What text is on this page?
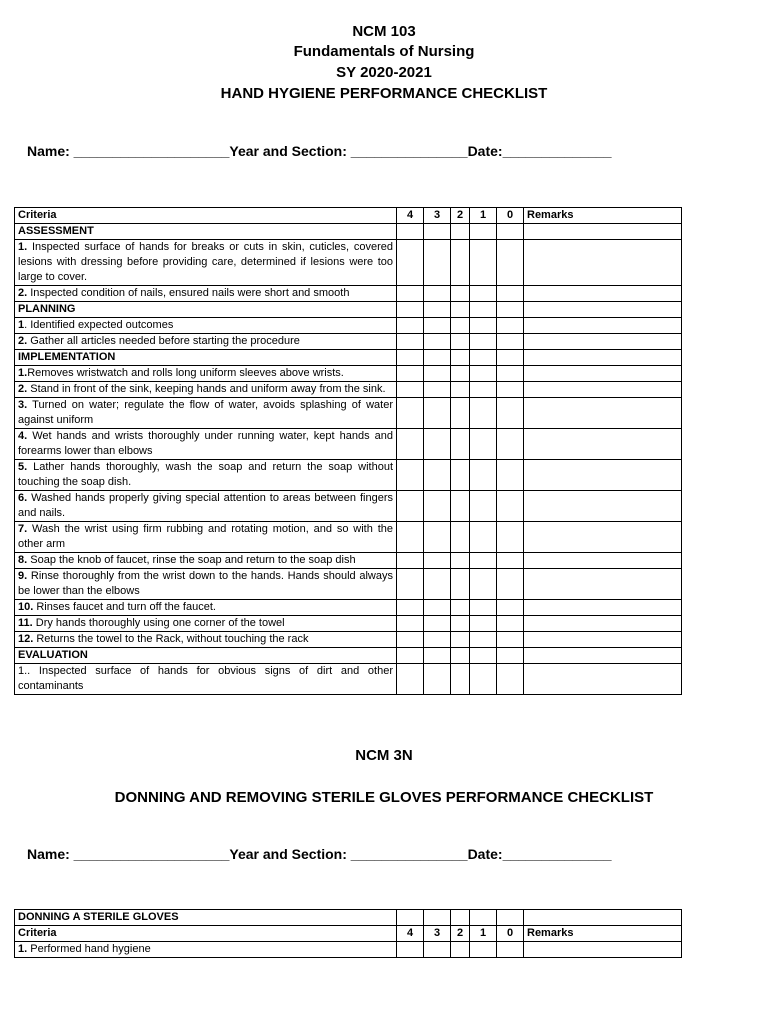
NCM 103
Fundamentals of Nursing
SY 2020-2021
HAND HYGIENE PERFORMANCE CHECKLIST
Name: ____________________Year and Section: _______________Date:______________
Criteria	4	3	2	1	0	Remarks
ASSESSMENT						
1. Inspected surface of hands for breaks or cuts in skin, cuticles, covered lesions with dressing before providing care, determined if lesions were too large to cover.						
2. Inspected condition of nails, ensured nails were short and smooth						
PLANNING						
1. Identified expected outcomes						
2. Gather all articles needed before starting the procedure						
IMPLEMENTATION						
1.Removes wristwatch and rolls long uniform sleeves above wrists.						
2. Stand in front of the sink, keeping hands and uniform away from the sink.						
3. Turned on water; regulate the flow of water, avoids splashing of water against uniform						
4. Wet hands and wrists thoroughly under running water, kept hands and forearms lower than elbows						
5. Lather hands thoroughly, wash the soap and return the soap without touching the soap dish.						
6. Washed hands properly giving special attention to areas between fingers and nails.						
7. Wash the wrist using firm rubbing and rotating motion, and so with the other arm						
8. Soap the knob of faucet, rinse the soap and return to the soap dish						
9. Rinse thoroughly from the wrist down to the hands. Hands should always be lower than the elbows						
10. Rinses faucet and turn off the faucet.						
11. Dry hands thoroughly using one corner of the towel						
12. Returns the towel to the Rack, without touching the rack						
EVALUATION						
1.. Inspected surface of hands for obvious signs of dirt and other contaminants						
NCM 3N
DONNING AND REMOVING STERILE GLOVES PERFORMANCE CHECKLIST
Name: ____________________Year and Section: _______________Date:______________
DONNING A STERILE GLOVES						
Criteria	4	3	2	1	0	Remarks
1. Performed hand hygiene						
